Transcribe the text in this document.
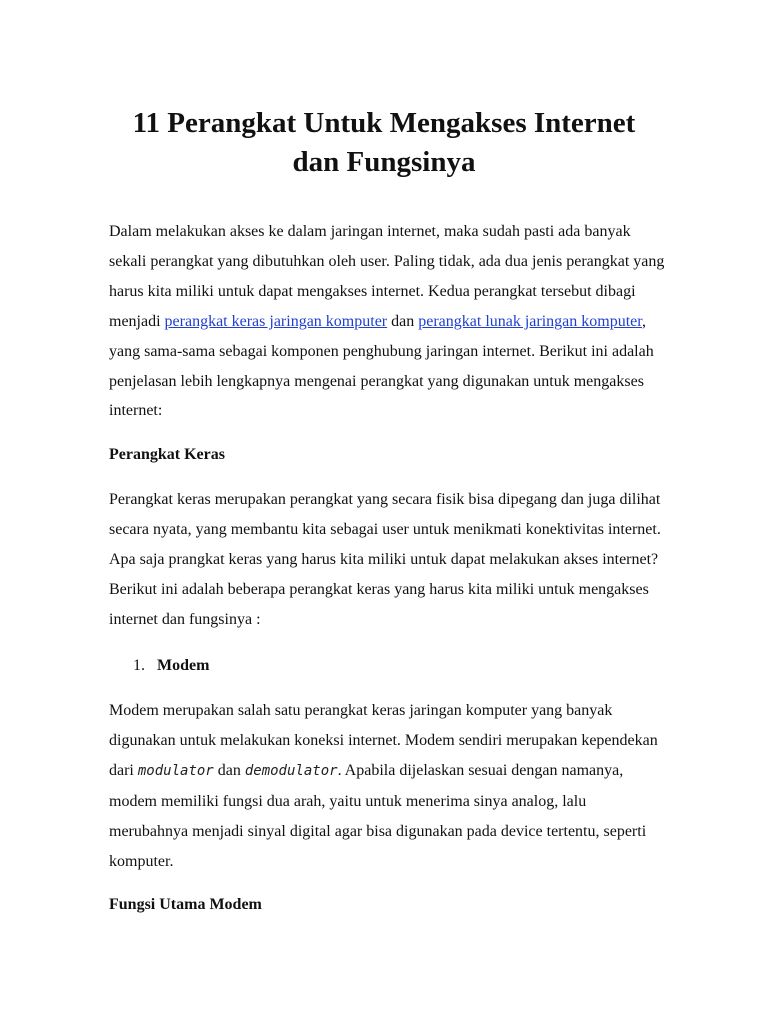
11 Perangkat Untuk Mengakses Internet
dan Fungsinya

Dalam melakukan akses ke dalam jaringan internet, maka sudah pasti ada banyak sekali perangkat yang dibutuhkan oleh user. Paling tidak, ada dua jenis perangkat yang harus kita miliki untuk dapat mengakses internet. Kedua perangkat tersebut dibagi menjadi perangkat keras jaringan komputer dan perangkat lunak jaringan komputer, yang sama-sama sebagai komponen penghubung jaringan internet. Berikut ini adalah penjelasan lebih lengkapnya mengenai perangkat yang digunakan untuk mengakses internet:

Perangkat Keras

Perangkat keras merupakan perangkat yang secara fisik bisa dipegang dan juga dilihat secara nyata, yang membantu kita sebagai user untuk menikmati konektivitas internet. Apa saja prangkat keras yang harus kita miliki untuk dapat melakukan akses internet? Berikut ini adalah beberapa perangkat keras yang harus kita miliki untuk mengakses internet dan fungsinya :

1. Modem

Modem merupakan salah satu perangkat keras jaringan komputer yang banyak digunakan untuk melakukan koneksi internet. Modem sendiri merupakan kependekan dari modulator dan demodulator. Apabila dijelaskan sesuai dengan namanya, modem memiliki fungsi dua arah, yaitu untuk menerima sinya analog, lalu merubahnya menjadi sinyal digital agar bisa digunakan pada device tertentu, seperti komputer.

Fungsi Utama Modem
